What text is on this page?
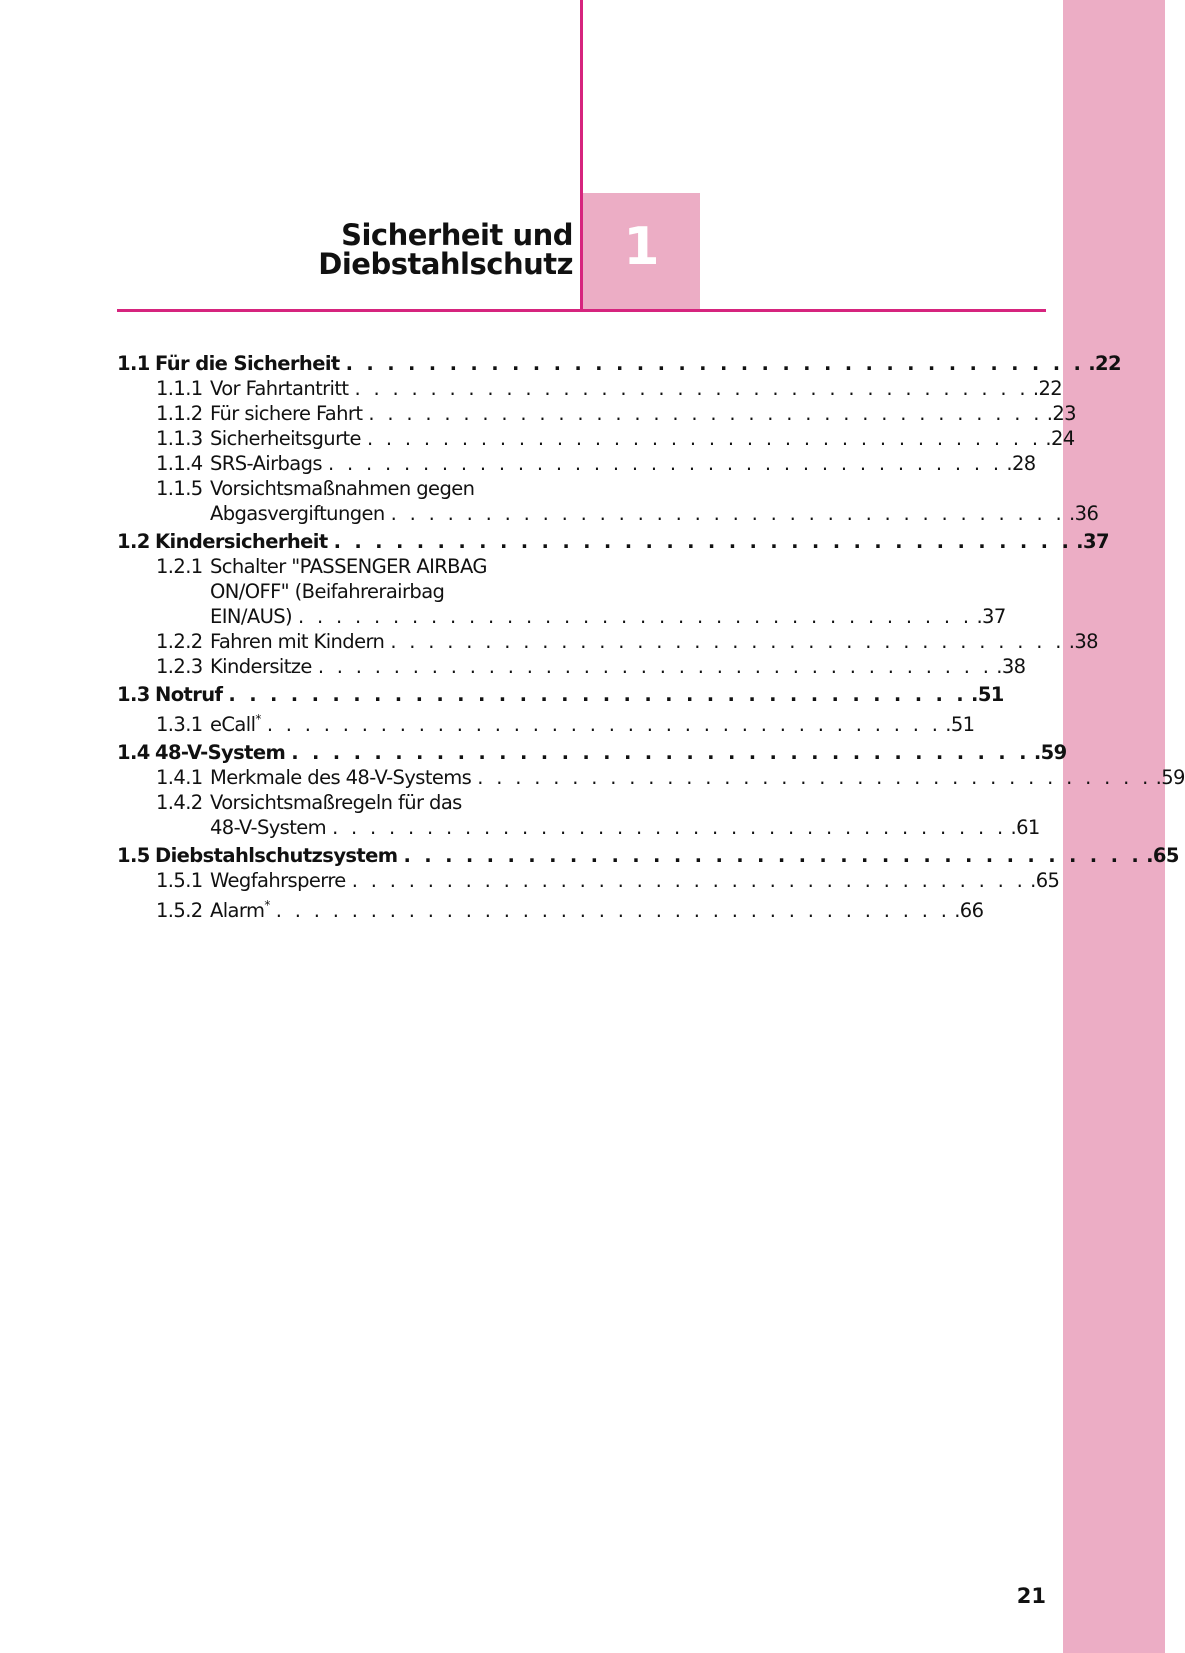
Sicherheit und
Diebstahlschutz 1
1.1 Für die Sicherheit . . . . . . . . . . . . . . . . . . . . . . . . . . . . . . . . . . . . .22
1.1.1 Vor Fahrtantritt . . . . . . . . . . . . . . . . . . . . . . . . . . . . . . . . . . . . .22
1.1.2 Für sichere Fahrt . . . . . . . . . . . . . . . . . . . . . . . . . . . . . . . . . . . . .23
1.1.3 Sicherheitsgurte . . . . . . . . . . . . . . . . . . . . . . . . . . . . . . . . . . . . .24
1.1.4 SRS-Airbags . . . . . . . . . . . . . . . . . . . . . . . . . . . . . . . . . . . . .28
1.1.5 Vorsichtsmaßnahmen gegen
Abgasvergiftungen . . . . . . . . . . . . . . . . . . . . . . . . . . . . . . . . . . . . .36
1.2 Kindersicherheit . . . . . . . . . . . . . . . . . . . . . . . . . . . . . . . . . . . . .37
1.2.1 Schalter "PASSENGER AIRBAG
ON/OFF" (Beifahrerairbag
EIN/AUS) . . . . . . . . . . . . . . . . . . . . . . . . . . . . . . . . . . . . .37
1.2.2 Fahren mit Kindern . . . . . . . . . . . . . . . . . . . . . . . . . . . . . . . . . . . . .38
1.2.3 Kindersitze . . . . . . . . . . . . . . . . . . . . . . . . . . . . . . . . . . . . .38
1.3 Notruf . . . . . . . . . . . . . . . . . . . . . . . . . . . . . . . . . . . . .51
1.3.1 eCall* . . . . . . . . . . . . . . . . . . . . . . . . . . . . . . . . . . . . .51
1.4 48-V-System . . . . . . . . . . . . . . . . . . . . . . . . . . . . . . . . . . . . .59
1.4.1 Merkmale des 48-V-Systems . . . . . . . . . . . . . . . . . . . . . . . . . . . . . . . . . . . . .59
1.4.2 Vorsichtsmaßregeln für das
48-V-System . . . . . . . . . . . . . . . . . . . . . . . . . . . . . . . . . . . . .61
1.5 Diebstahlschutzsystem . . . . . . . . . . . . . . . . . . . . . . . . . . . . . . . . . . . . .65
1.5.1 Wegfahrsperre . . . . . . . . . . . . . . . . . . . . . . . . . . . . . . . . . . . . .65
1.5.2 Alarm* . . . . . . . . . . . . . . . . . . . . . . . . . . . . . . . . . . . . .66
21
